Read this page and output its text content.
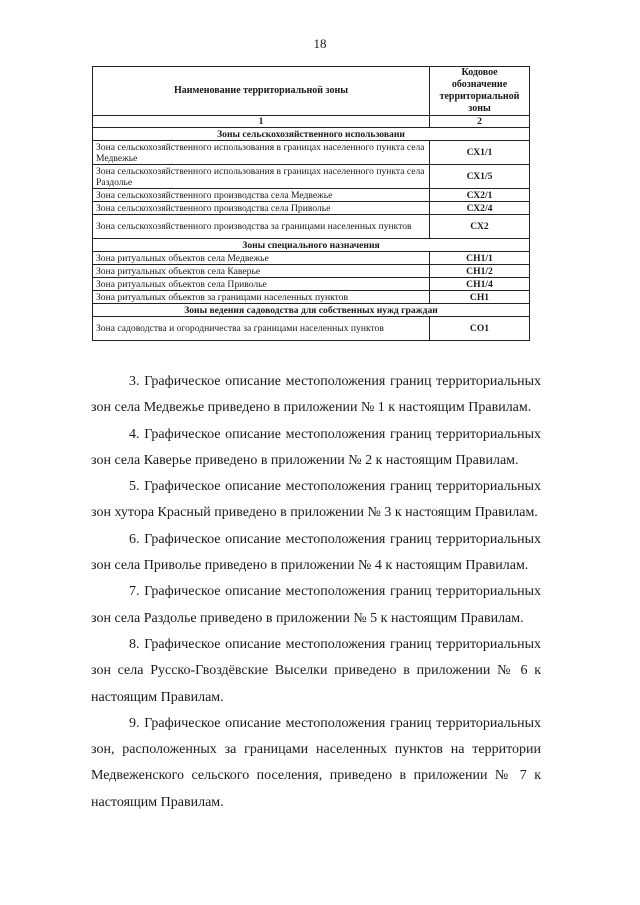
18
Наименование территориальной зоны	Кодовое обозначение территориальной зоны
1	2
Зоны сельскохозяйственного использовани	
Зона сельскохозяйственного использования в границах населенного пункта села Медвежье	СХ1/1
Зона сельскохозяйственного использования в границах населенного пункта села Раздолье	СХ1/5
Зона сельскохозяйственного производства села Медвежье	СХ2/1
Зона сельскохозяйственного производства села Привольe	СХ2/4
Зона сельскохозяйственного производства за границами населенных пунктов	СХ2
Зоны специального назначения	
Зона ритуальных объектов села Медвежье	СН1/1
Зона ритуальных объектов села Каверье	СН1/2
Зона ритуальных объектов села Привольe	СН1/4
Зона ритуальных объектов за границами населенных пунктов	СН1
Зоны ведения садоводства для собственных нужд граждан	
Зона садоводства и огородничества за границами населенных пунктов	СО1

3. Графическое описание местоположения границ территориальных зон села Медвежье приведено в приложении № 1 к настоящим Правилам.

4. Графическое описание местоположения границ территориальных зон села Каверье приведено в приложении № 2 к настоящим Правилам.

5. Графическое описание местоположения границ территориальных зон хутора Красный приведено в приложении № 3 к настоящим Правилам.

6. Графическое описание местоположения границ территориальных зон села Приволье приведено в приложении № 4 к настоящим Правилам.

7. Графическое описание местоположения границ территориальных зон села Раздолье приведено в приложении № 5 к настоящим Правилам.

8. Графическое описание местоположения границ территориальных зон села Русско-Гвоздёвские Выселки приведено в приложении № 6 к настоящим Правилам.

9. Графическое описание местоположения границ территориальных зон, расположенных за границами населенных пунктов на территории Медвеженского сельского поселения, приведено в приложении № 7 к настоящим Правилам.
